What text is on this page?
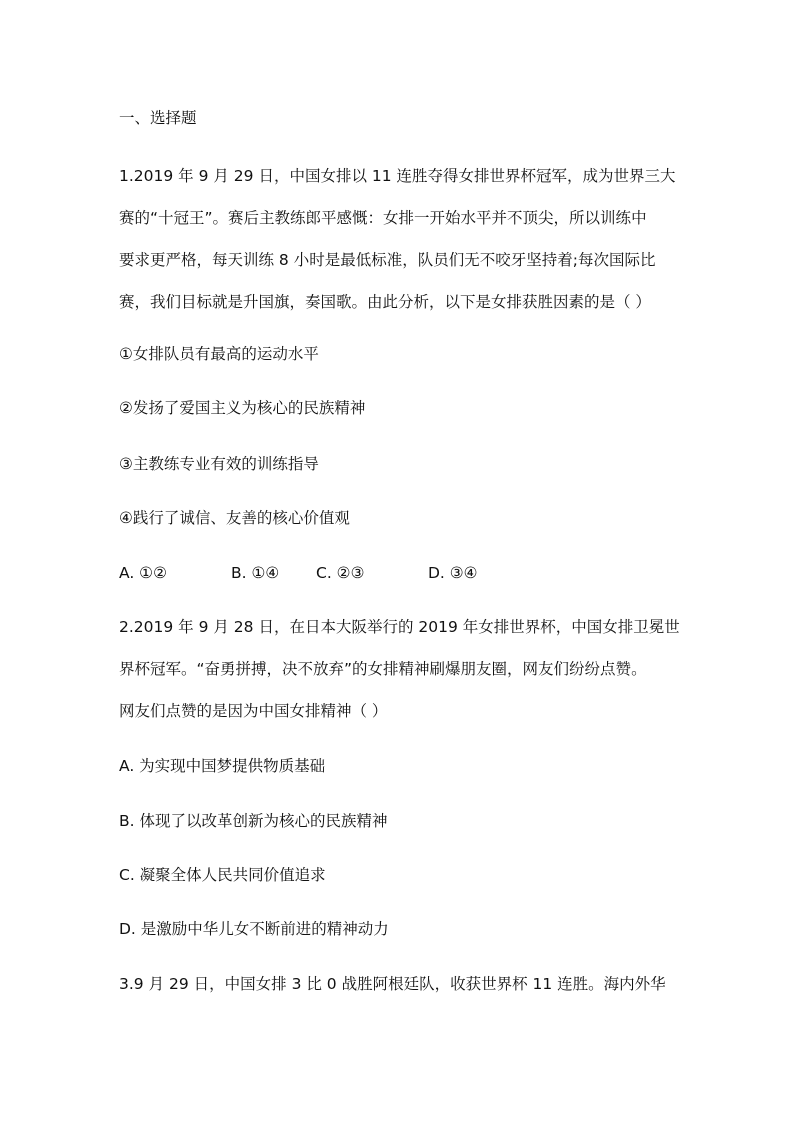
一、选择题
1.2019 年 9 月 29 日，中国女排以 11 连胜夺得女排世界杯冠军，成为世界三大
赛的“十冠王”。赛后主教练郎平感慨：女排一开始水平并不顶尖，所以训练中
要求更严格，每天训练 8 小时是最低标准，队员们无不咬牙坚持着;每次国际比
赛，我们目标就是升国旗，奏国歌。由此分析，以下是女排获胜因素的是（ ）
①女排队员有最高的运动水平
②发扬了爱国主义为核心的民族精神
③主教练专业有效的训练指导
④践行了诚信、友善的核心价值观
A. ①②	B. ①④ C. ②③	D. ③④
2.2019 年 9 月 28 日，在日本大阪举行的 2019 年女排世界杯，中国女排卫冕世
界杯冠军。“奋勇拼搏，决不放弃”的女排精神刷爆朋友圈，网友们纷纷点赞。
网友们点赞的是因为中国女排精神（ ）
A. 为实现中国梦提供物质基础
B. 体现了以改革创新为核心的民族精神
C. 凝聚全体人民共同价值追求
D. 是激励中华儿女不断前进的精神动力
3.9 月 29 日，中国女排 3 比 0 战胜阿根廷队，收获世界杯 11 连胜。海内外华
